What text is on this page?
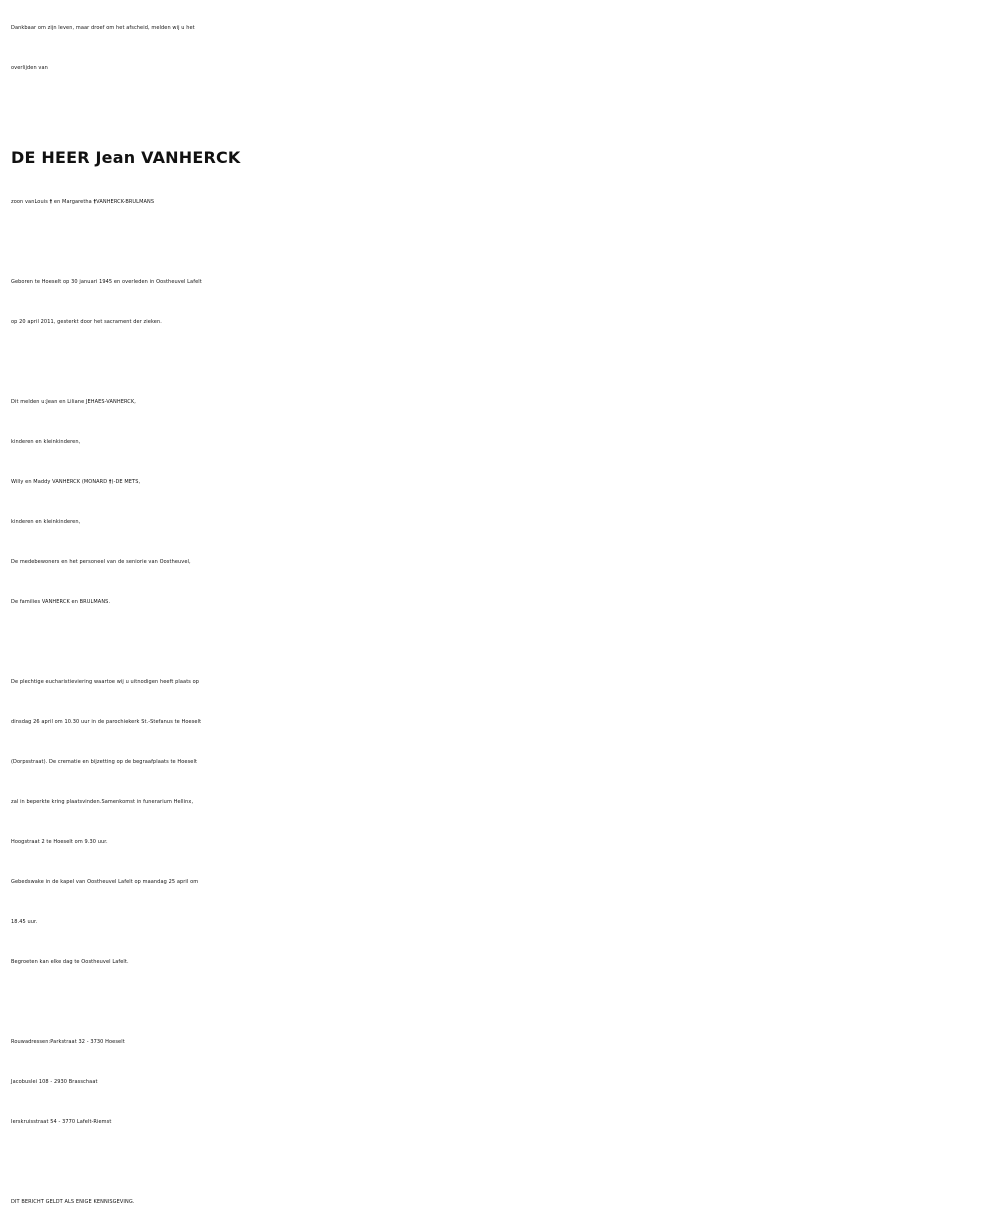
Dankbaar om zijn leven, maar droef om het afscheid, melden wij u het
overlijden van
DE HEER Jean VANHERCK
zoon vanLouis † en Margaretha †VANHERCK-BRULMANS
Geboren te Hoeselt op 30 januari 1945 en overleden in Oostheuvel Lafelt
op 20 april 2011, gesterkt door het sacrament der zieken.
Dit melden u:Jean en Liliane JEHAES-VANHERCK,
kinderen en kleinkinderen,
Willy en Maddy VANHERCK (MONARD †)-DE METS,
kinderen en kleinkinderen,
De medebewoners en het personeel van de seniorie van Oostheuvel,
De families VANHERCK en BRULMANS.
De plechtige eucharistieviering waartoe wij u uitnodigen heeft plaats op
dinsdag 26 april om 10.30 uur in de parochiekerk St.-Stefanus te Hoeselt
(Dorpsstraat). De crematie en bijzetting op de begraafplaats te Hoeselt
zal in beperkte kring plaatsvinden.Samenkomst in funerarium Hellinx,
Hoogstraat 2 te Hoeselt om 9.30 uur.
Gebedswake in de kapel van Oostheuvel Lafelt op maandag 25 april om
18.45 uur.
Begroeten kan elke dag te Oostheuvel Lafelt.
Rouwadressen:Parkstraat 32 - 3730 Hoeselt
Jacobuslei 108 - 2930 Brasschaat
Ierskruisstraat 54 - 3770 Lafelt-Riemst
DIT BERICHT GELDT ALS ENIGE KENNISGEVING.
